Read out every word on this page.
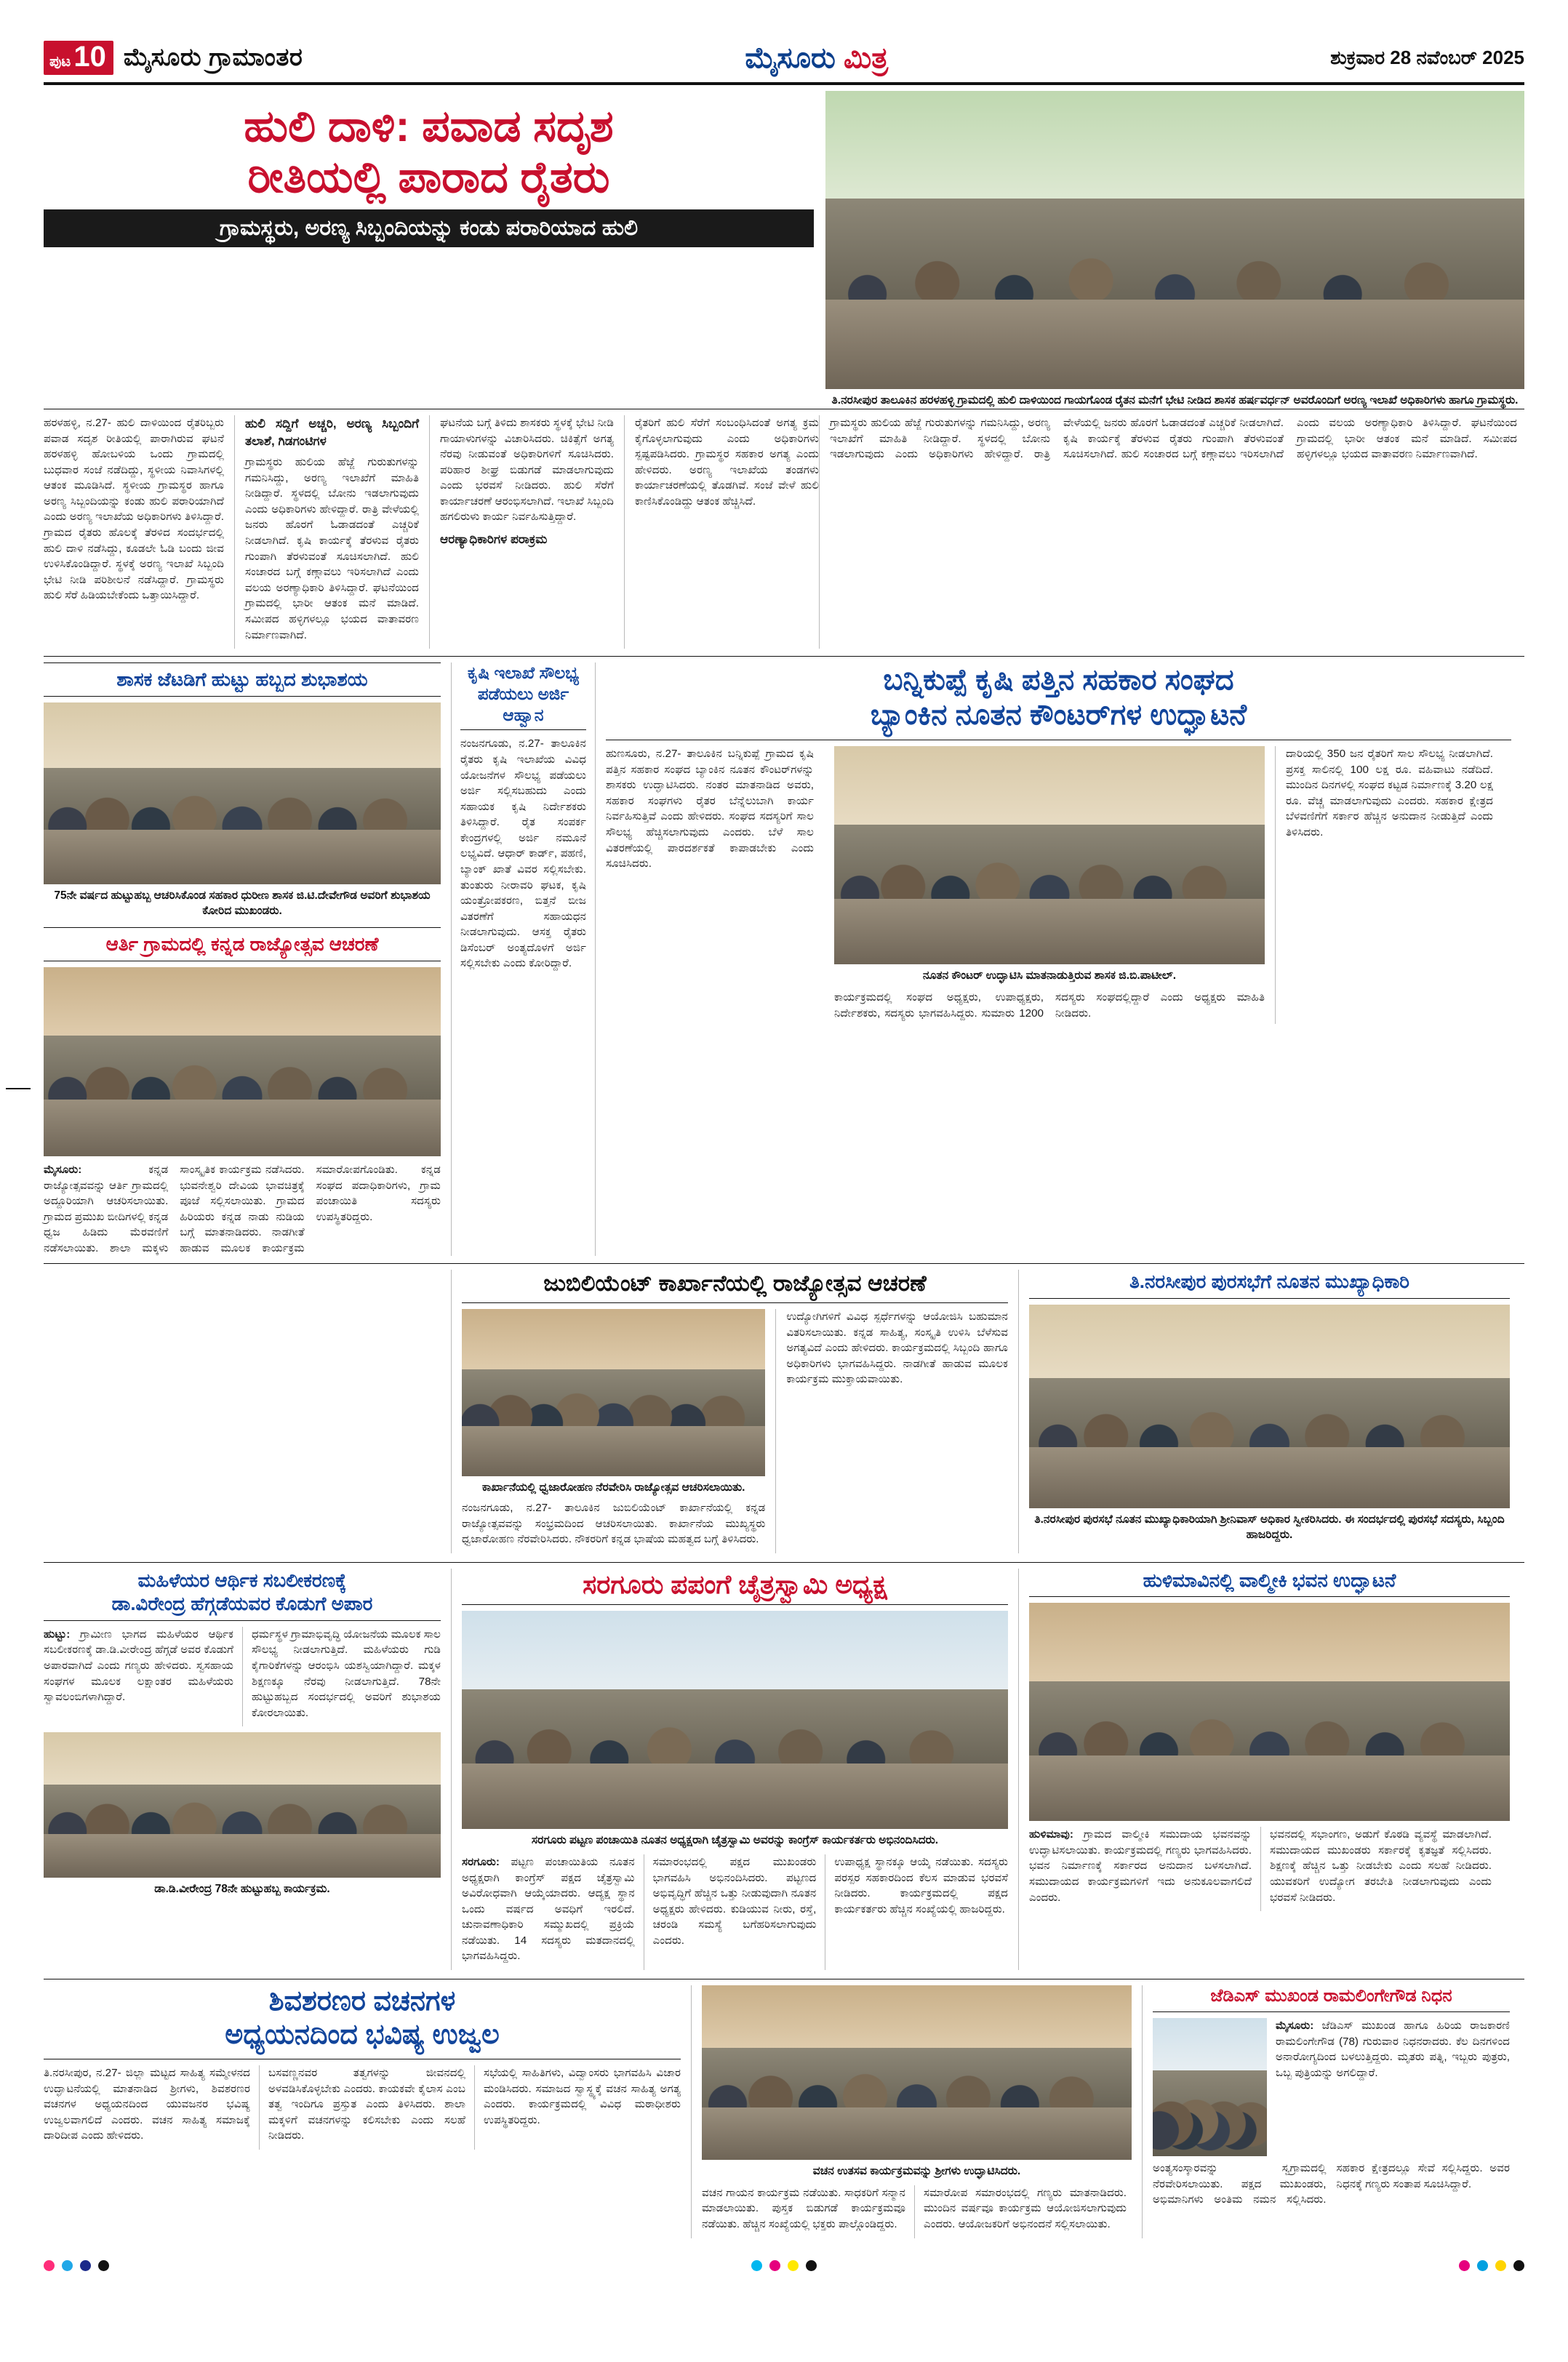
ಪುಟ 10 ಮೈಸೂರು ಗ್ರಾಮಾಂತರ	ಮೈಸೂರು ಮಿತ್ರ	ಶುಕ್ರವಾರ 28 ನವೆಂಬರ್ 2025
ಹುಲಿ ದಾಳಿ: ಪವಾಡ ಸದೃಶ
ರೀತಿಯಲ್ಲಿ ಪಾರಾದ ರೈತರು
ಗ್ರಾಮಸ್ಥರು, ಅರಣ್ಯ ಸಿಬ್ಬಂದಿಯನ್ನು ಕಂಡು ಪರಾರಿಯಾದ ಹುಲಿ
ತಿ.ನರಸೀಪುರ ತಾಲೂಕಿನ ಹರಳಹಳ್ಳಿ ಗ್ರಾಮದಲ್ಲಿ ಹುಲಿ ದಾಳಿಯಿಂದ ಗಾಯಗೊಂಡ ರೈತನ ಮನೆಗೆ ಭೇಟಿ ನೀಡಿದ ಶಾಸಕ ಹರ್ಷವರ್ಧನ್ ಅವರೊಂದಿಗೆ ಅರಣ್ಯ ಇಲಾಖೆ ಅಧಿಕಾರಿಗಳು ಹಾಗೂ ಗ್ರಾಮಸ್ಥರು.

ಹರಳಹಳ್ಳಿ, ನ.27- ಹುಲಿ ದಾಳಿಯಿಂದ ರೈತರಿಬ್ಬರು ಪವಾಡ ಸದೃಶ ರೀತಿಯಲ್ಲಿ ಪಾರಾಗಿರುವ ಘಟನೆ ಹರಳಹಳ್ಳಿ ಹೋಬಳಿಯ ಒಂದು ಗ್ರಾಮದಲ್ಲಿ ಬುಧವಾರ ಸಂಜೆ ನಡೆದಿದ್ದು, ಸ್ಥಳೀಯ ನಿವಾಸಿಗಳಲ್ಲಿ ಆತಂಕ ಮೂಡಿಸಿದೆ. ಸ್ಥಳೀಯ ಗ್ರಾಮಸ್ಥರ ಹಾಗೂ ಅರಣ್ಯ ಸಿಬ್ಬಂದಿಯನ್ನು ಕಂಡು ಹುಲಿ ಪರಾರಿಯಾಗಿದೆ ಎಂದು ಅರಣ್ಯ ಇಲಾಖೆಯ ಅಧಿಕಾರಿಗಳು ತಿಳಿಸಿದ್ದಾರೆ. ಗ್ರಾಮದ ರೈತರು ಹೊಲಕ್ಕೆ ತೆರಳಿದ ಸಂದರ್ಭದಲ್ಲಿ ಹುಲಿ ದಾಳಿ ನಡೆಸಿದ್ದು, ಕೂಡಲೇ ಓಡಿ ಬಂದು ಜೀವ ಉಳಿಸಿಕೊಂಡಿದ್ದಾರೆ. ಸ್ಥಳಕ್ಕೆ ಅರಣ್ಯ ಇಲಾಖೆ ಸಿಬ್ಬಂದಿ ಭೇಟಿ ನೀಡಿ ಪರಿಶೀಲನೆ ನಡೆಸಿದ್ದಾರೆ. ಗ್ರಾಮಸ್ಥರು ಹುಲಿ ಸೆರೆ ಹಿಡಿಯಬೇಕೆಂದು ಒತ್ತಾಯಿಸಿದ್ದಾರೆ.

ಹುಲಿ ಸದ್ದಿಗೆ ಅಚ್ಚರಿ, ಅರಣ್ಯ ಸಿಬ್ಬಂದಿಗೆ ತಲಾಶೆ, ಗಿಡಗಂಟಿಗಳ

ಗ್ರಾಮಸ್ಥರು ಹುಲಿಯ ಹೆಜ್ಜೆ ಗುರುತುಗಳನ್ನು ಗಮನಿಸಿದ್ದು, ಅರಣ್ಯ ಇಲಾಖೆಗೆ ಮಾಹಿತಿ ನೀಡಿದ್ದಾರೆ. ಸ್ಥಳದಲ್ಲಿ ಬೋನು ಇಡಲಾಗುವುದು ಎಂದು ಅಧಿಕಾರಿಗಳು ಹೇಳಿದ್ದಾರೆ. ರಾತ್ರಿ ವೇಳೆಯಲ್ಲಿ ಜನರು ಹೊರಗೆ ಓಡಾಡದಂತೆ ಎಚ್ಚರಿಕೆ ನೀಡಲಾಗಿದೆ. ಕೃಷಿ ಕಾರ್ಯಕ್ಕೆ ತೆರಳುವ ರೈತರು ಗುಂಪಾಗಿ ತೆರಳುವಂತೆ ಸೂಚಿಸಲಾಗಿದೆ. ಹುಲಿ ಸಂಚಾರದ ಬಗ್ಗೆ ಕಣ್ಗಾವಲು ಇರಿಸಲಾಗಿದೆ ಎಂದು ವಲಯ ಅರಣ್ಯಾಧಿಕಾರಿ ತಿಳಿಸಿದ್ದಾರೆ. ಘಟನೆಯಿಂದ ಗ್ರಾಮದಲ್ಲಿ ಭಾರೀ ಆತಂಕ ಮನೆ ಮಾಡಿದೆ. ಸಮೀಪದ ಹಳ್ಳಿಗಳಲ್ಲೂ ಭಯದ ವಾತಾವರಣ ನಿರ್ಮಾಣವಾಗಿದೆ.

ಘಟನೆಯ ಬಗ್ಗೆ ತಿಳಿದು ಶಾಸಕರು ಸ್ಥಳಕ್ಕೆ ಭೇಟಿ ನೀಡಿ ಗಾಯಾಳುಗಳನ್ನು ವಿಚಾರಿಸಿದರು. ಚಿಕಿತ್ಸೆಗೆ ಅಗತ್ಯ ನೆರವು ನೀಡುವಂತೆ ಅಧಿಕಾರಿಗಳಿಗೆ ಸೂಚಿಸಿದರು. ಪರಿಹಾರ ಶೀಘ್ರ ಬಿಡುಗಡೆ ಮಾಡಲಾಗುವುದು ಎಂದು ಭರವಸೆ ನೀಡಿದರು. ಹುಲಿ ಸೆರೆಗೆ ಕಾರ್ಯಾಚರಣೆ ಆರಂಭಿಸಲಾಗಿದೆ. ಇಲಾಖೆ ಸಿಬ್ಬಂದಿ ಹಗಲಿರುಳು ಕಾರ್ಯ ನಿರ್ವಹಿಸುತ್ತಿದ್ದಾರೆ.

ಆರಣ್ಯಾಧಿಕಾರಿಗಳ ಪರಾಕ್ರಮ

ರೈತರಿಗೆ ಹುಲಿ ಸೆರೆಗೆ ಸಂಬಂಧಿಸಿದಂತೆ ಅಗತ್ಯ ಕ್ರಮ ಕೈಗೊಳ್ಳಲಾಗುವುದು ಎಂದು ಅಧಿಕಾರಿಗಳು ಸ್ಪಷ್ಟಪಡಿಸಿದರು. ಗ್ರಾಮಸ್ಥರ ಸಹಕಾರ ಅಗತ್ಯ ಎಂದು ಹೇಳಿದರು. ಅರಣ್ಯ ಇಲಾಖೆಯ ತಂಡಗಳು ಕಾರ್ಯಾಚರಣೆಯಲ್ಲಿ ತೊಡಗಿವೆ. ಸಂಜೆ ವೇಳೆ ಹುಲಿ ಕಾಣಿಸಿಕೊಂಡಿದ್ದು ಆತಂಕ ಹೆಚ್ಚಿಸಿದೆ.

ಗ್ರಾಮಸ್ಥರು ಹುಲಿಯ ಹೆಜ್ಜೆ ಗುರುತುಗಳನ್ನು ಗಮನಿಸಿದ್ದು, ಅರಣ್ಯ ಇಲಾಖೆಗೆ ಮಾಹಿತಿ ನೀಡಿದ್ದಾರೆ. ಸ್ಥಳದಲ್ಲಿ ಬೋನು ಇಡಲಾಗುವುದು ಎಂದು ಅಧಿಕಾರಿಗಳು ಹೇಳಿದ್ದಾರೆ. ರಾತ್ರಿ ವೇಳೆಯಲ್ಲಿ ಜನರು ಹೊರಗೆ ಓಡಾಡದಂತೆ ಎಚ್ಚರಿಕೆ ನೀಡಲಾಗಿದೆ. ಕೃಷಿ ಕಾರ್ಯಕ್ಕೆ ತೆರಳುವ ರೈತರು ಗುಂಪಾಗಿ ತೆರಳುವಂತೆ ಸೂಚಿಸಲಾಗಿದೆ. ಹುಲಿ ಸಂಚಾರದ ಬಗ್ಗೆ ಕಣ್ಗಾವಲು ಇರಿಸಲಾಗಿದೆ ಎಂದು ವಲಯ ಅರಣ್ಯಾಧಿಕಾರಿ ತಿಳಿಸಿದ್ದಾರೆ. ಘಟನೆಯಿಂದ ಗ್ರಾಮದಲ್ಲಿ ಭಾರೀ ಆತಂಕ ಮನೆ ಮಾಡಿದೆ. ಸಮೀಪದ ಹಳ್ಳಿಗಳಲ್ಲೂ ಭಯದ ವಾತಾವರಣ ನಿರ್ಮಾಣವಾಗಿದೆ.

ಶಾಸಕ ಜೆಟಡಿಗೆ ಹುಟ್ಟು ಹಬ್ಬದ ಶುಭಾಶಯ
75ನೇ ವರ್ಷದ ಹುಟ್ಟುಹಬ್ಬ ಆಚರಿಸಿಕೊಂಡ ಸಹಕಾರ ಧುರೀಣ ಶಾಸಕ ಜಿ.ಟಿ.ದೇವೇಗೌಡ ಅವರಿಗೆ ಶುಭಾಶಯ ಕೋರಿದ ಮುಖಂಡರು.
ಆರ್ತಿ ಗ್ರಾಮದಲ್ಲಿ ಕನ್ನಡ ರಾಜ್ಯೋತ್ಸವ ಆಚರಣೆ

ಮೈಸೂರು:	ಕನ್ನಡ ರಾಜ್ಯೋತ್ಸವವನ್ನು ಆರ್ತಿ ಗ್ರಾಮದಲ್ಲಿ ಅದ್ದೂರಿಯಾಗಿ ಆಚರಿಸಲಾಯಿತು. ಗ್ರಾಮದ ಪ್ರಮುಖ ಬೀದಿಗಳಲ್ಲಿ ಕನ್ನಡ ಧ್ವಜ ಹಿಡಿದು ಮೆರವಣಿಗೆ ನಡೆಸಲಾಯಿತು. ಶಾಲಾ ಮಕ್ಕಳು ಸಾಂಸ್ಕೃತಿಕ ಕಾರ್ಯಕ್ರಮ ನಡೆಸಿದರು. ಭುವನೇಶ್ವರಿ ದೇವಿಯ ಭಾವಚಿತ್ರಕ್ಕೆ ಪೂಜೆ ಸಲ್ಲಿಸಲಾಯಿತು. ಗ್ರಾಮದ ಹಿರಿಯರು ಕನ್ನಡ ನಾಡು ನುಡಿಯ ಬಗ್ಗೆ ಮಾತನಾಡಿದರು. ನಾಡಗೀತೆ ಹಾಡುವ ಮೂಲಕ ಕಾರ್ಯಕ್ರಮ ಸಮಾರೋಪಗೊಂಡಿತು. ಕನ್ನಡ ಸಂಘದ ಪದಾಧಿಕಾರಿಗಳು, ಗ್ರಾಮ ಪಂಚಾಯಿತಿ ಸದಸ್ಯರು ಉಪಸ್ಥಿತರಿದ್ದರು.

ಕೃಷಿ ಇಲಾಖೆ ಸೌಲಭ್ಯ
ಪಡೆಯಲು ಅರ್ಜಿ ಆಹ್ವಾನ

ನಂಜನಗೂಡು, ನ.27- ತಾಲೂಕಿನ ರೈತರು ಕೃಷಿ ಇಲಾಖೆಯ ವಿವಿಧ ಯೋಜನೆಗಳ ಸೌಲಭ್ಯ ಪಡೆಯಲು ಅರ್ಜಿ ಸಲ್ಲಿಸಬಹುದು ಎಂದು ಸಹಾಯಕ ಕೃಷಿ ನಿರ್ದೇಶಕರು ತಿಳಿಸಿದ್ದಾರೆ. ರೈತ ಸಂಪರ್ಕ ಕೇಂದ್ರಗಳಲ್ಲಿ ಅರ್ಜಿ ನಮೂನೆ ಲಭ್ಯವಿದೆ. ಆಧಾರ್ ಕಾರ್ಡ್, ಪಹಣಿ, ಬ್ಯಾಂಕ್ ಖಾತೆ ವಿವರ ಸಲ್ಲಿಸಬೇಕು. ತುಂತುರು ನೀರಾವರಿ ಘಟಕ, ಕೃಷಿ ಯಂತ್ರೋಪಕರಣ, ಬಿತ್ತನೆ ಬೀಜ ವಿತರಣೆಗೆ ಸಹಾಯಧನ ನೀಡಲಾಗುವುದು. ಆಸಕ್ತ ರೈತರು ಡಿಸೆಂಬರ್ ಅಂತ್ಯದೊಳಗೆ ಅರ್ಜಿ ಸಲ್ಲಿಸಬೇಕು ಎಂದು ಕೋರಿದ್ದಾರೆ.

ಬನ್ನಿಕುಪ್ಪೆ ಕೃಷಿ ಪತ್ತಿನ ಸಹಕಾರ ಸಂಘದ
ಬ್ಯಾಂಕಿನ ನೂತನ ಕೌಂಟರ್‌ಗಳ ಉದ್ಘಾಟನೆ

ಹುಣಸೂರು, ನ.27- ತಾಲೂಕಿನ ಬನ್ನಿಕುಪ್ಪೆ ಗ್ರಾಮದ ಕೃಷಿ ಪತ್ತಿನ ಸಹಕಾರ ಸಂಘದ ಬ್ಯಾಂಕಿನ ನೂತನ ಕೌಂಟರ್‌ಗಳನ್ನು ಶಾಸಕರು ಉದ್ಘಾಟಿಸಿದರು. ನಂತರ ಮಾತನಾಡಿದ ಅವರು, ಸಹಕಾರ ಸಂಘಗಳು ರೈತರ ಬೆನ್ನೆಲುಬಾಗಿ ಕಾರ್ಯ ನಿರ್ವಹಿಸುತ್ತಿವೆ ಎಂದು ಹೇಳಿದರು. ಸಂಘದ ಸದಸ್ಯರಿಗೆ ಸಾಲ ಸೌಲಭ್ಯ ಹೆಚ್ಚಿಸಲಾಗುವುದು ಎಂದರು. ಬೆಳೆ ಸಾಲ ವಿತರಣೆಯಲ್ಲಿ ಪಾರದರ್ಶಕತೆ ಕಾಪಾಡಬೇಕು ಎಂದು ಸೂಚಿಸಿದರು.

ನೂತನ ಕೌಂಟರ್ ಉದ್ಘಾಟಿಸಿ ಮಾತನಾಡುತ್ತಿರುವ ಶಾಸಕ ಜಿ.ಬಿ.ಪಾಟೀಲ್.

ಕಾರ್ಯಕ್ರಮದಲ್ಲಿ ಸಂಘದ ಅಧ್ಯಕ್ಷರು, ಉಪಾಧ್ಯಕ್ಷರು, ನಿರ್ದೇಶಕರು, ಸದಸ್ಯರು ಭಾಗವಹಿಸಿದ್ದರು. ಸುಮಾರು 1200 ಸದಸ್ಯರು ಸಂಘದಲ್ಲಿದ್ದಾರೆ ಎಂದು ಅಧ್ಯಕ್ಷರು ಮಾಹಿತಿ ನೀಡಿದರು.

ದಾರಿಯಲ್ಲಿ 350 ಜನ ರೈತರಿಗೆ ಸಾಲ ಸೌಲಭ್ಯ ನೀಡಲಾಗಿದೆ. ಪ್ರಸಕ್ತ ಸಾಲಿನಲ್ಲಿ 100 ಲಕ್ಷ ರೂ. ವಹಿವಾಟು ನಡೆದಿದೆ. ಮುಂದಿನ ದಿನಗಳಲ್ಲಿ ಸಂಘದ ಕಟ್ಟಡ ನಿರ್ಮಾಣಕ್ಕೆ 3.20 ಲಕ್ಷ ರೂ. ವೆಚ್ಚ ಮಾಡಲಾಗುವುದು ಎಂದರು. ಸಹಕಾರ ಕ್ಷೇತ್ರದ ಬೆಳವಣಿಗೆಗೆ ಸರ್ಕಾರ ಹೆಚ್ಚಿನ ಅನುದಾನ ನೀಡುತ್ತಿದೆ ಎಂದು ತಿಳಿಸಿದರು.

ಜುಬಿಲಿಯೆಂಟ್ ಕಾರ್ಖಾನೆಯಲ್ಲಿ ರಾಜ್ಯೋತ್ಸವ ಆಚರಣೆ
ಕಾರ್ಖಾನೆಯಲ್ಲಿ ಧ್ವಜಾರೋಹಣ ನೆರವೇರಿಸಿ ರಾಜ್ಯೋತ್ಸವ ಆಚರಿಸಲಾಯಿತು.

ನಂಜನಗೂಡು, ನ.27- ತಾಲೂಕಿನ ಜುಬಿಲಿಯೆಂಟ್ ಕಾರ್ಖಾನೆಯಲ್ಲಿ ಕನ್ನಡ ರಾಜ್ಯೋತ್ಸವವನ್ನು ಸಂಭ್ರಮದಿಂದ ಆಚರಿಸಲಾಯಿತು. ಕಾರ್ಖಾನೆಯ ಮುಖ್ಯಸ್ಥರು ಧ್ವಜಾರೋಹಣ ನೆರವೇರಿಸಿದರು. ನೌಕರರಿಗೆ ಕನ್ನಡ ಭಾಷೆಯ ಮಹತ್ವದ ಬಗ್ಗೆ ತಿಳಿಸಿದರು.

ಉದ್ಯೋಗಿಗಳಿಗೆ ವಿವಿಧ ಸ್ಪರ್ಧೆಗಳನ್ನು ಆಯೋಜಿಸಿ ಬಹುಮಾನ ವಿತರಿಸಲಾಯಿತು. ಕನ್ನಡ ಸಾಹಿತ್ಯ, ಸಂಸ್ಕೃತಿ ಉಳಿಸಿ ಬೆಳೆಸುವ ಅಗತ್ಯವಿದೆ ಎಂದು ಹೇಳಿದರು. ಕಾರ್ಯಕ್ರಮದಲ್ಲಿ ಸಿಬ್ಬಂದಿ ಹಾಗೂ ಅಧಿಕಾರಿಗಳು ಭಾಗವಹಿಸಿದ್ದರು. ನಾಡಗೀತೆ ಹಾಡುವ ಮೂಲಕ ಕಾರ್ಯಕ್ರಮ ಮುಕ್ತಾಯವಾಯಿತು.

ತಿ.ನರಸೀಪುರ ಪುರಸಭೆಗೆ ನೂತನ ಮುಖ್ಯಾಧಿಕಾರಿ
ತಿ.ನರಸೀಪುರ ಪುರಸಭೆ ನೂತನ ಮುಖ್ಯಾಧಿಕಾರಿಯಾಗಿ ಶ್ರೀನಿವಾಸ್ ಅಧಿಕಾರ ಸ್ವೀಕರಿಸಿದರು. ಈ ಸಂದರ್ಭದಲ್ಲಿ ಪುರಸಭೆ ಸದಸ್ಯರು, ಸಿಬ್ಬಂದಿ ಹಾಜರಿದ್ದರು.
ಮಹಿಳೆಯರ ಆರ್ಥಿಕ ಸಬಲೀಕರಣಕ್ಕೆ
ಡಾ.ವಿರೇಂದ್ರ ಹೆಗ್ಗಡೆಯವರ ಕೊಡುಗೆ ಅಪಾರ

ಹುಟ್ಟು: ಗ್ರಾಮೀಣ ಭಾಗದ ಮಹಿಳೆಯರ ಆರ್ಥಿಕ ಸಬಲೀಕರಣಕ್ಕೆ ಡಾ.ಡಿ.ವೀರೇಂದ್ರ ಹೆಗ್ಗಡೆ ಅವರ ಕೊಡುಗೆ ಅಪಾರವಾಗಿದೆ ಎಂದು ಗಣ್ಯರು ಹೇಳಿದರು. ಸ್ವಸಹಾಯ ಸಂಘಗಳ ಮೂಲಕ ಲಕ್ಷಾಂತರ ಮಹಿಳೆಯರು ಸ್ವಾವಲಂಬಿಗಳಾಗಿದ್ದಾರೆ.

ಧರ್ಮಸ್ಥಳ ಗ್ರಾಮಾಭಿವೃದ್ಧಿ ಯೋಜನೆಯ ಮೂಲಕ ಸಾಲ ಸೌಲಭ್ಯ ನೀಡಲಾಗುತ್ತಿದೆ. ಮಹಿಳೆಯರು ಗುಡಿ ಕೈಗಾರಿಕೆಗಳನ್ನು ಆರಂಭಿಸಿ ಯಶಸ್ವಿಯಾಗಿದ್ದಾರೆ. ಮಕ್ಕಳ ಶಿಕ್ಷಣಕ್ಕೂ ನೆರವು ನೀಡಲಾಗುತ್ತಿದೆ. 78ನೇ ಹುಟ್ಟುಹಬ್ಬದ ಸಂದರ್ಭದಲ್ಲಿ ಅವರಿಗೆ ಶುಭಾಶಯ ಕೋರಲಾಯಿತು.

ಡಾ.ಡಿ.ವೀರೇಂದ್ರ 78ನೇ ಹುಟ್ಟುಹಬ್ಬ ಕಾರ್ಯಕ್ರಮ.
ಸರಗೂರು ಪಪಂಗೆ ಚೈತ್ರಸ್ವಾಮಿ ಅಧ್ಯಕ್ಷ
ಸರಗೂರು ಪಟ್ಟಣ ಪಂಚಾಯಿತಿ ನೂತನ ಅಧ್ಯಕ್ಷರಾಗಿ ಚೈತ್ರಸ್ವಾಮಿ ಅವರನ್ನು ಕಾಂಗ್ರೆಸ್ ಕಾರ್ಯಕರ್ತರು ಅಭಿನಂದಿಸಿದರು.

ಸರಗೂರು: ಪಟ್ಟಣ ಪಂಚಾಯಿತಿಯ ನೂತನ ಅಧ್ಯಕ್ಷರಾಗಿ ಕಾಂಗ್ರೆಸ್ ಪಕ್ಷದ ಚೈತ್ರಸ್ವಾಮಿ ಅವಿರೋಧವಾಗಿ ಆಯ್ಕೆಯಾದರು. ಆದ್ಯಕ್ಷ ಸ್ಥಾನ ಒಂದು ವರ್ಷದ ಅವಧಿಗೆ ಇರಲಿದೆ. ಚುನಾವಣಾಧಿಕಾರಿ ಸಮ್ಮುಖದಲ್ಲಿ ಪ್ರಕ್ರಿಯೆ ನಡೆಯಿತು. 14 ಸದಸ್ಯರು ಮತದಾನದಲ್ಲಿ ಭಾಗವಹಿಸಿದ್ದರು.

ಸಮಾರಂಭದಲ್ಲಿ ಪಕ್ಷದ ಮುಖಂಡರು ಭಾಗವಹಿಸಿ ಅಭಿನಂದಿಸಿದರು. ಪಟ್ಟಣದ ಅಭಿವೃದ್ಧಿಗೆ ಹೆಚ್ಚಿನ ಒತ್ತು ನೀಡುವುದಾಗಿ ನೂತನ ಅಧ್ಯಕ್ಷರು ಹೇಳಿದರು. ಕುಡಿಯುವ ನೀರು, ರಸ್ತೆ, ಚರಂಡಿ ಸಮಸ್ಯೆ ಬಗೆಹರಿಸಲಾಗುವುದು ಎಂದರು.

ಉಪಾಧ್ಯಕ್ಷ ಸ್ಥಾನಕ್ಕೂ ಆಯ್ಕೆ ನಡೆಯಿತು. ಸದಸ್ಯರು ಪರಸ್ಪರ ಸಹಕಾರದಿಂದ ಕೆಲಸ ಮಾಡುವ ಭರವಸೆ ನೀಡಿದರು. ಕಾರ್ಯಕ್ರಮದಲ್ಲಿ ಪಕ್ಷದ ಕಾರ್ಯಕರ್ತರು ಹೆಚ್ಚಿನ ಸಂಖ್ಯೆಯಲ್ಲಿ ಹಾಜರಿದ್ದರು.

ಹುಳಿಮಾವಿನಲ್ಲಿ ವಾಲ್ಮೀಕಿ ಭವನ ಉದ್ಘಾಟನೆ

ಹುಳಿಮಾವು: ಗ್ರಾಮದ ವಾಲ್ಮೀಕಿ ಸಮುದಾಯ ಭವನವನ್ನು ಉದ್ಘಾಟಿಸಲಾಯಿತು. ಕಾರ್ಯಕ್ರಮದಲ್ಲಿ ಗಣ್ಯರು ಭಾಗವಹಿಸಿದರು. ಭವನ ನಿರ್ಮಾಣಕ್ಕೆ ಸರ್ಕಾರದ ಅನುದಾನ ಬಳಸಲಾಗಿದೆ. ಸಮುದಾಯದ ಕಾರ್ಯಕ್ರಮಗಳಿಗೆ ಇದು ಅನುಕೂಲವಾಗಲಿದೆ ಎಂದರು.

ಭವನದಲ್ಲಿ ಸಭಾಂಗಣ, ಅಡುಗೆ ಕೊಠಡಿ ವ್ಯವಸ್ಥೆ ಮಾಡಲಾಗಿದೆ. ಸಮುದಾಯದ ಮುಖಂಡರು ಸರ್ಕಾರಕ್ಕೆ ಕೃತಜ್ಞತೆ ಸಲ್ಲಿಸಿದರು. ಶಿಕ್ಷಣಕ್ಕೆ ಹೆಚ್ಚಿನ ಒತ್ತು ನೀಡಬೇಕು ಎಂದು ಸಲಹೆ ನೀಡಿದರು. ಯುವಕರಿಗೆ ಉದ್ಯೋಗ ತರಬೇತಿ ನೀಡಲಾಗುವುದು ಎಂದು ಭರವಸೆ ನೀಡಿದರು.

ಶಿವಶರಣರ ವಚನಗಳ
ಅಧ್ಯಯನದಿಂದ ಭವಿಷ್ಯ ಉಜ್ವಲ

ತಿ.ನರಸೀಪುರ, ನ.27- ಜಿಲ್ಲಾ ಮಟ್ಟದ ಸಾಹಿತ್ಯ ಸಮ್ಮೇಳನದ ಉದ್ಘಾಟನೆಯಲ್ಲಿ ಮಾತನಾಡಿದ ಶ್ರೀಗಳು, ಶಿವಶರಣರ ವಚನಗಳ ಅಧ್ಯಯನದಿಂದ ಯುವಜನರ ಭವಿಷ್ಯ ಉಜ್ವಲವಾಗಲಿದೆ ಎಂದರು. ವಚನ ಸಾಹಿತ್ಯ ಸಮಾಜಕ್ಕೆ ದಾರಿದೀಪ ಎಂದು ಹೇಳಿದರು.

ಬಸವಣ್ಣನವರ ತತ್ವಗಳನ್ನು ಜೀವನದಲ್ಲಿ ಅಳವಡಿಸಿಕೊಳ್ಳಬೇಕು ಎಂದರು. ಕಾಯಕವೇ ಕೈಲಾಸ ಎಂಬ ತತ್ವ ಇಂದಿಗೂ ಪ್ರಸ್ತುತ ಎಂದು ತಿಳಿಸಿದರು. ಶಾಲಾ ಮಕ್ಕಳಿಗೆ ವಚನಗಳನ್ನು ಕಲಿಸಬೇಕು ಎಂದು ಸಲಹೆ ನೀಡಿದರು.

ಸಭೆಯಲ್ಲಿ ಸಾಹಿತಿಗಳು, ವಿದ್ವಾಂಸರು ಭಾಗವಹಿಸಿ ವಿಚಾರ ಮಂಡಿಸಿದರು. ಸಮಾಜದ ಸ್ವಾಸ್ಥ್ಯಕ್ಕೆ ವಚನ ಸಾಹಿತ್ಯ ಅಗತ್ಯ ಎಂದರು. ಕಾರ್ಯಕ್ರಮದಲ್ಲಿ ವಿವಿಧ ಮಠಾಧೀಶರು ಉಪಸ್ಥಿತರಿದ್ದರು.

ವಚನ ಉತಸವ ಕಾರ್ಯಕ್ರಮವನ್ನು ಶ್ರೀಗಳು ಉದ್ಘಾಟಿಸಿದರು.

ವಚನ ಗಾಯನ ಕಾರ್ಯಕ್ರಮ ನಡೆಯಿತು. ಸಾಧಕರಿಗೆ ಸನ್ಮಾನ ಮಾಡಲಾಯಿತು. ಪುಸ್ತಕ ಬಿಡುಗಡೆ ಕಾರ್ಯಕ್ರಮವೂ ನಡೆಯಿತು. ಹೆಚ್ಚಿನ ಸಂಖ್ಯೆಯಲ್ಲಿ ಭಕ್ತರು ಪಾಲ್ಗೊಂಡಿದ್ದರು.

ಸಮಾರೋಪ ಸಮಾರಂಭದಲ್ಲಿ ಗಣ್ಯರು ಮಾತನಾಡಿದರು. ಮುಂದಿನ ವರ್ಷವೂ ಕಾರ್ಯಕ್ರಮ ಆಯೋಜಿಸಲಾಗುವುದು ಎಂದರು. ಆಯೋಜಕರಿಗೆ ಅಭಿನಂದನೆ ಸಲ್ಲಿಸಲಾಯಿತು.

ಜೆಡಿಎಸ್ ಮುಖಂಡ ರಾಮಲಿಂಗೇಗೌಡ ನಿಧನ

ಮೈಸೂರು: ಜೆಡಿಎಸ್ ಮುಖಂಡ ಹಾಗೂ ಹಿರಿಯ ರಾಜಕಾರಣಿ ರಾಮಲಿಂಗೇಗೌಡ (78) ಗುರುವಾರ ನಿಧನರಾದರು. ಕೆಲ ದಿನಗಳಿಂದ ಅನಾರೋಗ್ಯದಿಂದ ಬಳಲುತ್ತಿದ್ದರು. ಮೃತರು ಪತ್ನಿ, ಇಬ್ಬರು ಪುತ್ರರು, ಒಬ್ಬ ಪುತ್ರಿಯನ್ನು ಅಗಲಿದ್ದಾರೆ.

ಅಂತ್ಯಸಂಸ್ಕಾರವನ್ನು ಸ್ವಗ್ರಾಮದಲ್ಲಿ ನೆರವೇರಿಸಲಾಯಿತು. ಪಕ್ಷದ ಮುಖಂಡರು, ಅಭಿಮಾನಿಗಳು ಅಂತಿಮ ನಮನ ಸಲ್ಲಿಸಿದರು. ಸಹಕಾರ ಕ್ಷೇತ್ರದಲ್ಲೂ ಸೇವೆ ಸಲ್ಲಿಸಿದ್ದರು. ಅವರ ನಿಧನಕ್ಕೆ ಗಣ್ಯರು ಸಂತಾಪ ಸೂಚಿಸಿದ್ದಾರೆ.
